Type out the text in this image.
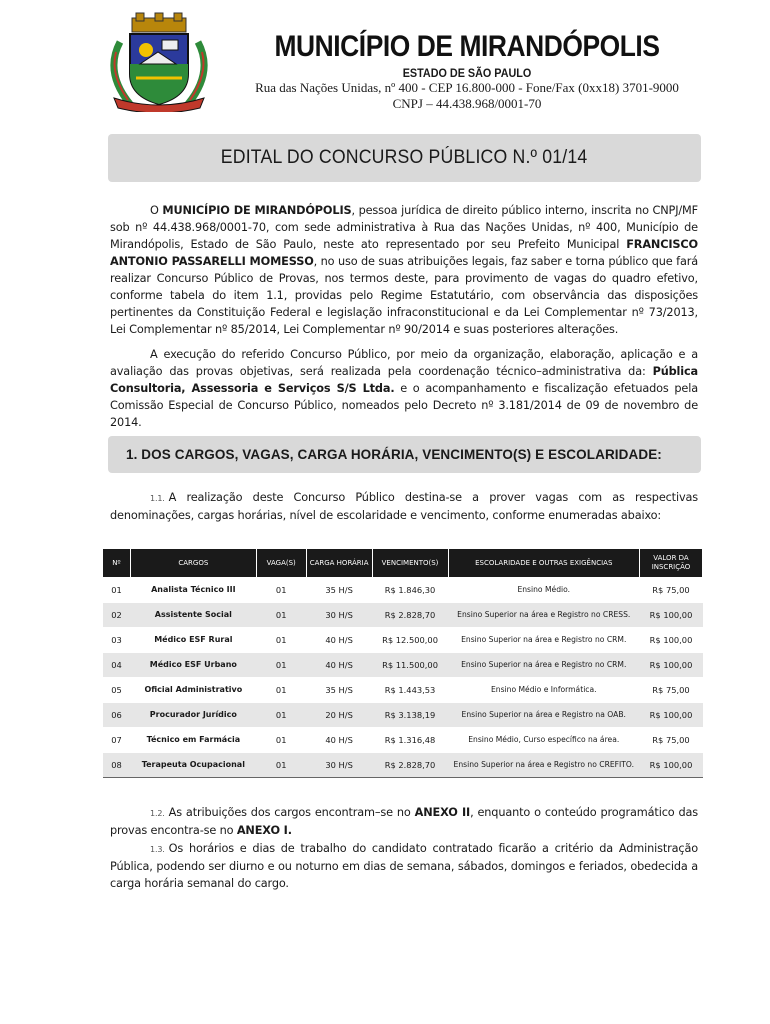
MUNICÍPIO DE MIRANDÓPOLIS
ESTADO DE SÃO PAULO
Rua das Nações Unidas, nº 400 - CEP 16.800-000 - Fone/Fax (0xx18) 3701-9000
CNPJ – 44.438.968/0001-70
EDITAL DO CONCURSO PÚBLICO N.º 01/14
O MUNICÍPIO DE MIRANDÓPOLIS, pessoa jurídica de direito público interno, inscrita no CNPJ/MF sob nº 44.438.968/0001-70, com sede administrativa à Rua das Nações Unidas, nº 400, Município de Mirandópolis, Estado de São Paulo, neste ato representado por seu Prefeito Municipal FRANCISCO ANTONIO PASSARELLI MOMESSO, no uso de suas atribuições legais, faz saber e torna público que fará realizar Concurso Público de Provas, nos termos deste, para provimento de vagas do quadro efetivo, conforme tabela do item 1.1, providas pelo Regime Estatutário, com observância das disposições pertinentes da Constituição Federal e legislação infraconstitucional e da Lei Complementar nº 73/2013, Lei Complementar nº 85/2014, Lei Complementar nº 90/2014 e suas posteriores alterações.
A execução do referido Concurso Público, por meio da organização, elaboração, aplicação e a avaliação das provas objetivas, será realizada pela coordenação técnico–administrativa da: Pública Consultoria, Assessoria e Serviços S/S Ltda. e o acompanhamento e fiscalização efetuados pela Comissão Especial de Concurso Público, nomeados pelo Decreto nº 3.181/2014 de 09 de novembro de 2014.
1. DOS CARGOS, VAGAS, CARGA HORÁRIA, VENCIMENTO(S) E ESCOLARIDADE:
1.1. A realização deste Concurso Público destina-se a prover vagas com as respectivas denominações, cargas horárias, nível de escolaridade e vencimento, conforme enumeradas abaixo:
Nº	CARGOS	VAGA(S)	CARGA HORÁRIA	VENCIMENTO(S)	ESCOLARIDADE E OUTRAS EXIGÊNCIAS	VALOR DA INSCRIÇÃO
01	Analista Técnico III	01	35 H/S	R$ 1.846,30	Ensino Médio.	R$ 75,00
02	Assistente Social	01	30 H/S	R$ 2.828,70	Ensino Superior na área e Registro no CRESS.	R$ 100,00
03	Médico ESF Rural	01	40 H/S	R$ 12.500,00	Ensino Superior na área e Registro no CRM.	R$ 100,00
04	Médico ESF Urbano	01	40 H/S	R$ 11.500,00	Ensino Superior na área e Registro no CRM.	R$ 100,00
05	Oficial Administrativo	01	35 H/S	R$ 1.443,53	Ensino Médio e Informática.	R$ 75,00
06	Procurador Jurídico	01	20 H/S	R$ 3.138,19	Ensino Superior na área e Registro na OAB.	R$ 100,00
07	Técnico em Farmácia	01	40 H/S	R$ 1.316,48	Ensino Médio, Curso específico na área.	R$ 75,00
08	Terapeuta Ocupacional	01	30 H/S	R$ 2.828,70	Ensino Superior na área e Registro no CREFITO.	R$ 100,00
1.2. As atribuições dos cargos encontram–se no ANEXO II, enquanto o conteúdo programático das provas encontra-se no ANEXO I.
1.3. Os horários e dias de trabalho do candidato contratado ficarão a critério da Administração Pública, podendo ser diurno e ou noturno em dias de semana, sábados, domingos e feriados, obedecida a carga horária semanal do cargo.
